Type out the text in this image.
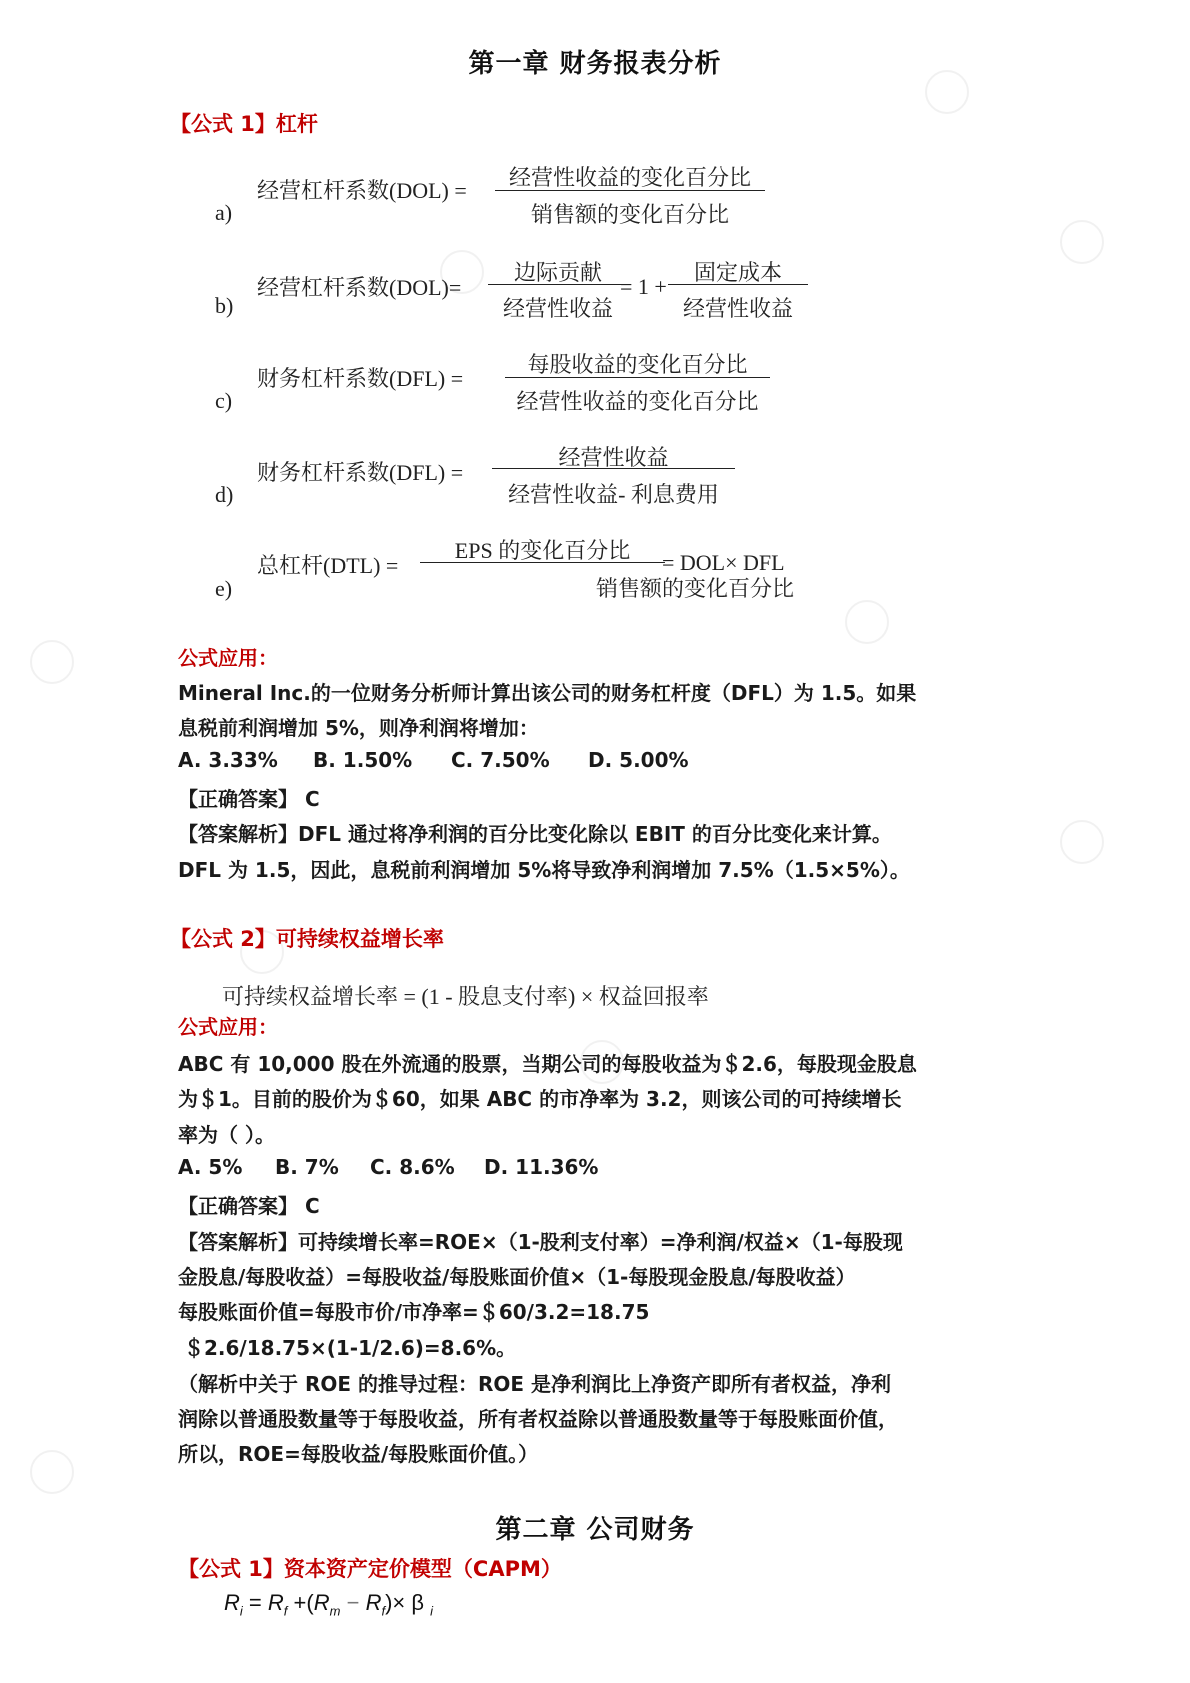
第一章 财务报表分析
【公式 1】杠杆
a)
经营杠杆系数(DOL) =
经营性收益的变化百分比
销售额的变化百分比
b)
经营杠杆系数(DOL)=
边际贡献
经营性收益
= 1 +
固定成本
经营性收益
c)
财务杠杆系数(DFL) =
每股收益的变化百分比
经营性收益的变化百分比
d)
财务杠杆系数(DFL) =
经营性收益
经营性收益- 利息费用
e)
总杠杆(DTL) =
EPS 的变化百分比	= DOL× DFL
销售额的变化百分比
公式应用：
Mineral Inc.的一位财务分析师计算出该公司的财务杠杆度（DFL）为 1.5。如果
息税前利润增加 5%，则净利润将增加：
A. 3.33% B. 1.50% C. 7.50% D. 5.00%
【正确答案】 C
【答案解析】DFL 通过将净利润的百分比变化除以 EBIT 的百分比变化来计算。
DFL 为 1.5，因此，息税前利润增加 5%将导致净利润增加 7.5%（1.5×5%）。
【公式 2】可持续权益增长率
可持续权益增长率 = (1 - 股息支付率) × 权益回报率
公式应用：
ABC 有 10,000 股在外流通的股票，当期公司的每股收益为＄2.6，每股现金股息
为＄1。目前的股价为＄60，如果 ABC 的市净率为 3.2，则该公司的可持续增长
率为（ ）。
A. 5% B. 7% C. 8.6% D. 11.36%
【正确答案】 C
【答案解析】可持续增长率=ROE×（1-股利支付率）=净利润/权益×（1-每股现
金股息/每股收益）=每股收益/每股账面价值×（1-每股现金股息/每股收益）
每股账面价值=每股市价/市净率=＄60/3.2=18.75
＄2.6/18.75×(1-1/2.6)=8.6%。
（解析中关于 ROE 的推导过程：ROE 是净利润比上净资产即所有者权益，净利
润除以普通股数量等于每股收益，所有者权益除以普通股数量等于每股账面价值，
所以，ROE=每股收益/每股账面价值。）
第二章 公司财务
【公式 1】资本资产定价模型（CAPM）
$R_i = R_f +(R_m - R_f)\times \beta$ $_i$
